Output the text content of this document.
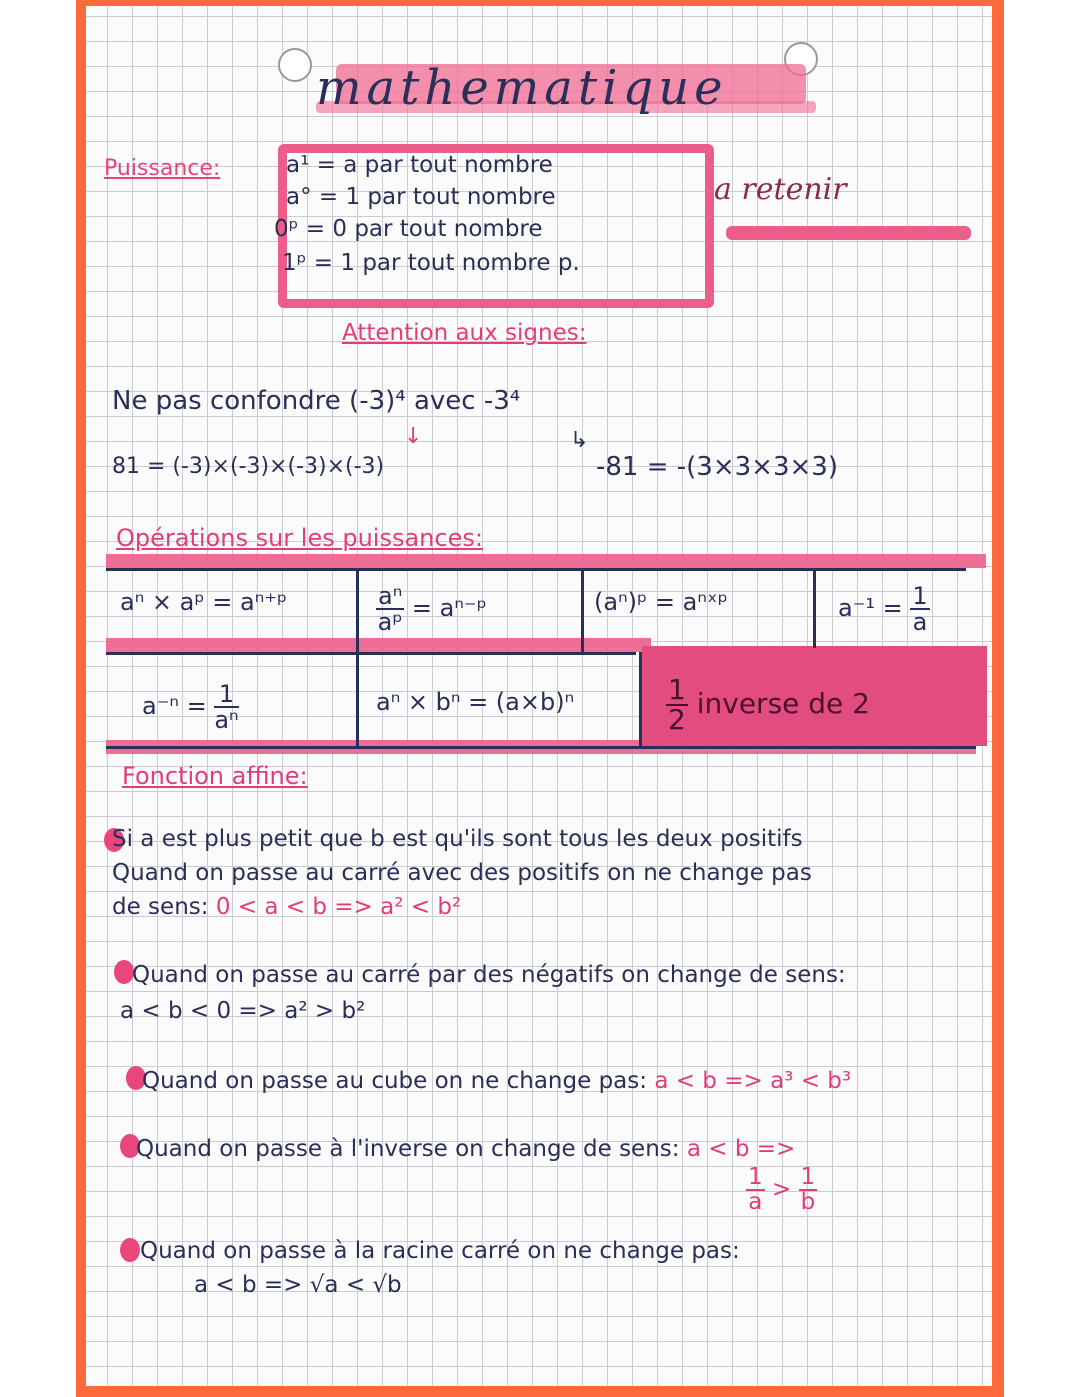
mathematique
Puissance:	a¹ = a par tout nombre
a° = 1 par tout nombre
0ᵖ = 0 par tout nombre
1ᵖ = 1 par tout nombre p.
a retenir
Attention aux signes:
Ne pas confondre (-3)⁴ avec -3⁴
↓	↳
81 = (-3)×(-3)×(-3)×(-3)	-81 = -(3×3×3×3)
Opérations sur les puissances:
aⁿ × aᵖ = aⁿ⁺ᵖ	$\frac{\text{aⁿ}}{\text{aᵖ}}$ = aⁿ⁻ᵖ	(aⁿ)ᵖ = aⁿˣᵖ	$a^{-1} = \frac{1}{a}$
$a^{-n} = \frac{1}{\text{aⁿ}}$	aⁿ × bⁿ = (a×b)ⁿ	$\frac{1}{2}$ inverse de 2
Fonction affine:
Si a est plus petit que b est qu'ils sont tous les deux positifs
Quand on passe au carré avec des positifs on ne change pas
de sens: 0 < a < b => a² < b²
Quand on passe au carré par des négatifs on change de sens:
a < b < 0 => a² > b²
Quand on passe au cube on ne change pas: a < b => a³ < b³
Quand on passe à l'inverse on change de sens: a < b =>
$\frac{1}{a} > \frac{1}{b}$
Quand on passe à la racine carré on ne change pas:
a < b => √a < √b
